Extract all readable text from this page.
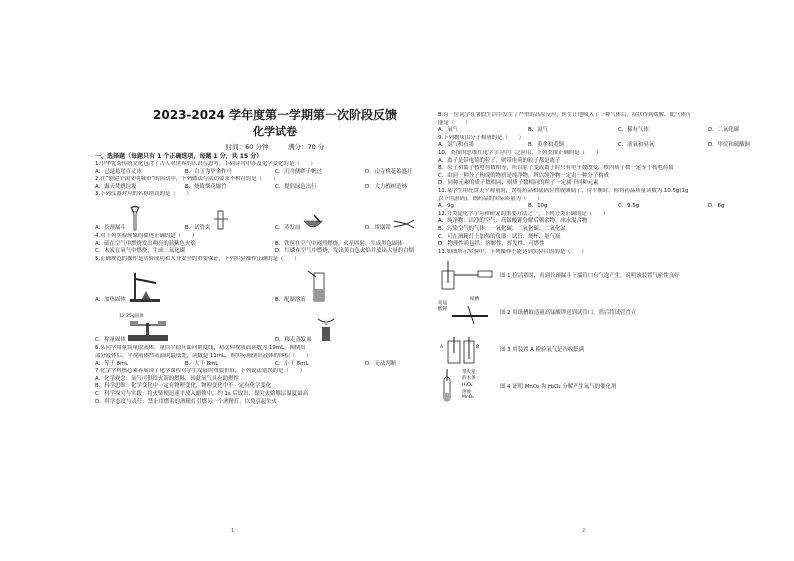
2023-2024 学年度第一学期第一次阶段反馈
化学试卷
时间：60 分钟　　　满分：70 分
一、选择题（每题只有 1 个正确选项，每题 1 分，共 15 分）
1.中华优秀传统文化包含了古人对世界的认识与思考。下列诗句中涉及化学变化的是（　　）
A．已是悬崖百丈冰	B．白玉为堂金作马	C．沉舟侧畔千帆过	D．山寺桃花始盛开
2.在“创建全国文明城市”的活动中，下列做法与活动要求不相符的是（　　）
A．露天焚烧垃圾	B．烧故烟花爆竹	C．提倡绿色出行	D．大力植树造林
3.下列仪器对应的名称错误的是（　　）
A．长颈漏斗	B．试管夹	C．蒸发皿	D．坩埚钳
4.对下列实验现象的描述正确的是（　　）
A．硫在空气中燃烧发出明亮的蓝紫色火焰	B．铁丝在空气中剧烈燃烧，火星四射，生成黑色固体
C．木炭在氧气中燃烧，生成二氧化碳	D．红磷在空气中燃烧，发出黄白色火焰并放出大量的白烟
5.正确规范的操作是实验成功和人身安全的重要保证，下列实验操作正确的是（　　）
A．加热固体	B．配制溶液
C．称量固体
12.25g固体
D．移走蒸发皿
6.某同学用量筒量取液体，量筒平稳且面向刻度线，初次仰视液面读数为 19mL，倾倒出
部分液体后，平视液体凹液面的最低处，读数是 11mL。则实际倾倒出液体的体积（　　）
A．等于 8mL	B．大于 8mL	C．小于 8mL	D．无法判断
7.化学学科核心素养展现了化学课程对学生发展的重要价值，下列说法错误的是（　　）
A．化学观念：氧气可供给火箭的燃料，因此氧气具有助燃性
B．科学思维：化学变化中一定有物理变化，物理变化中不一定有化学变化
C．科学探究与实践：将火柴梗迅速平放入蜡烛中，约 1s 后取出，探究火焰哪层温度最高
D．科学态度与责任：禁止用燃着的酒精灯引燃另一个酒精灯，以免引起失火
1
8.有一位同学在暑假生活中发生了严重的高原反应，医生让他吸入了一种气体后，症状得到缓解，此气体可
能是（　　）
A．氧气	B．氮气	C．稀有气体	D．二氧化碳
9.下列物质由分子构成的是（　　）
A．氯气和石墨	B．黄金和黄铜	C．液氧和臭氧	D．甲烷和硫酸铜
10．类推的思维在化学学习中广泛应用，下列类推正确的是（　　）
A．离子是带电荷的粒子，则带电荷的粒子都是离子
B．原子和离子核电荷数相等，所以原子变成离子时只有电子数改变，核内质子数一定等于核电荷数
C．由同一种分子构成的物质是纯净物，所以纯净物一定由一种分子构成
D．同种元素的质子数相同，则质子数相同的粒子一定属于同种元素
11.某学生用托盘天平称量时，误将药品和砝码位置放颠倒了，待平衡时，称得药品质量读数为 10.5g(1g
以下用游码)，则药品的实际质量为（　　）
A．9g	B．10g	C．9.5g	D．8g
12.分类是化学学习和研究的重要方法之一，下列分类正确的是（　　）
A．纯净物：洁净的空气、高锰酸钾分解后剩余物、冰水混合物
B．污染空气的气体：一氧化碳、二氧化硫、二氧化氮
C．可在酒精灯上加热的仪器：试管、烧杯、量气瓶
D．物理性质包括：溶解性、挥发性、可燃性
13.如图所示实验中，下列操作不能达到实验目的的是（　　）
图 1 拉活塞时，看到长颈漏斗下端管口有气泡产生，说明该装置气密性良好
高锰
酸钾
纸槽
图 2 用纸槽取适量高锰酸钾送到试管口，然后将试管直立
A	B	图 3 用装置 A 检验氧气是否收集满
带火星
的木条
H₂O₂
溶液
MnO₂
图 4 证明 MnO₂ 为 H₂O₂ 分解产生氧气的催化剂
2
